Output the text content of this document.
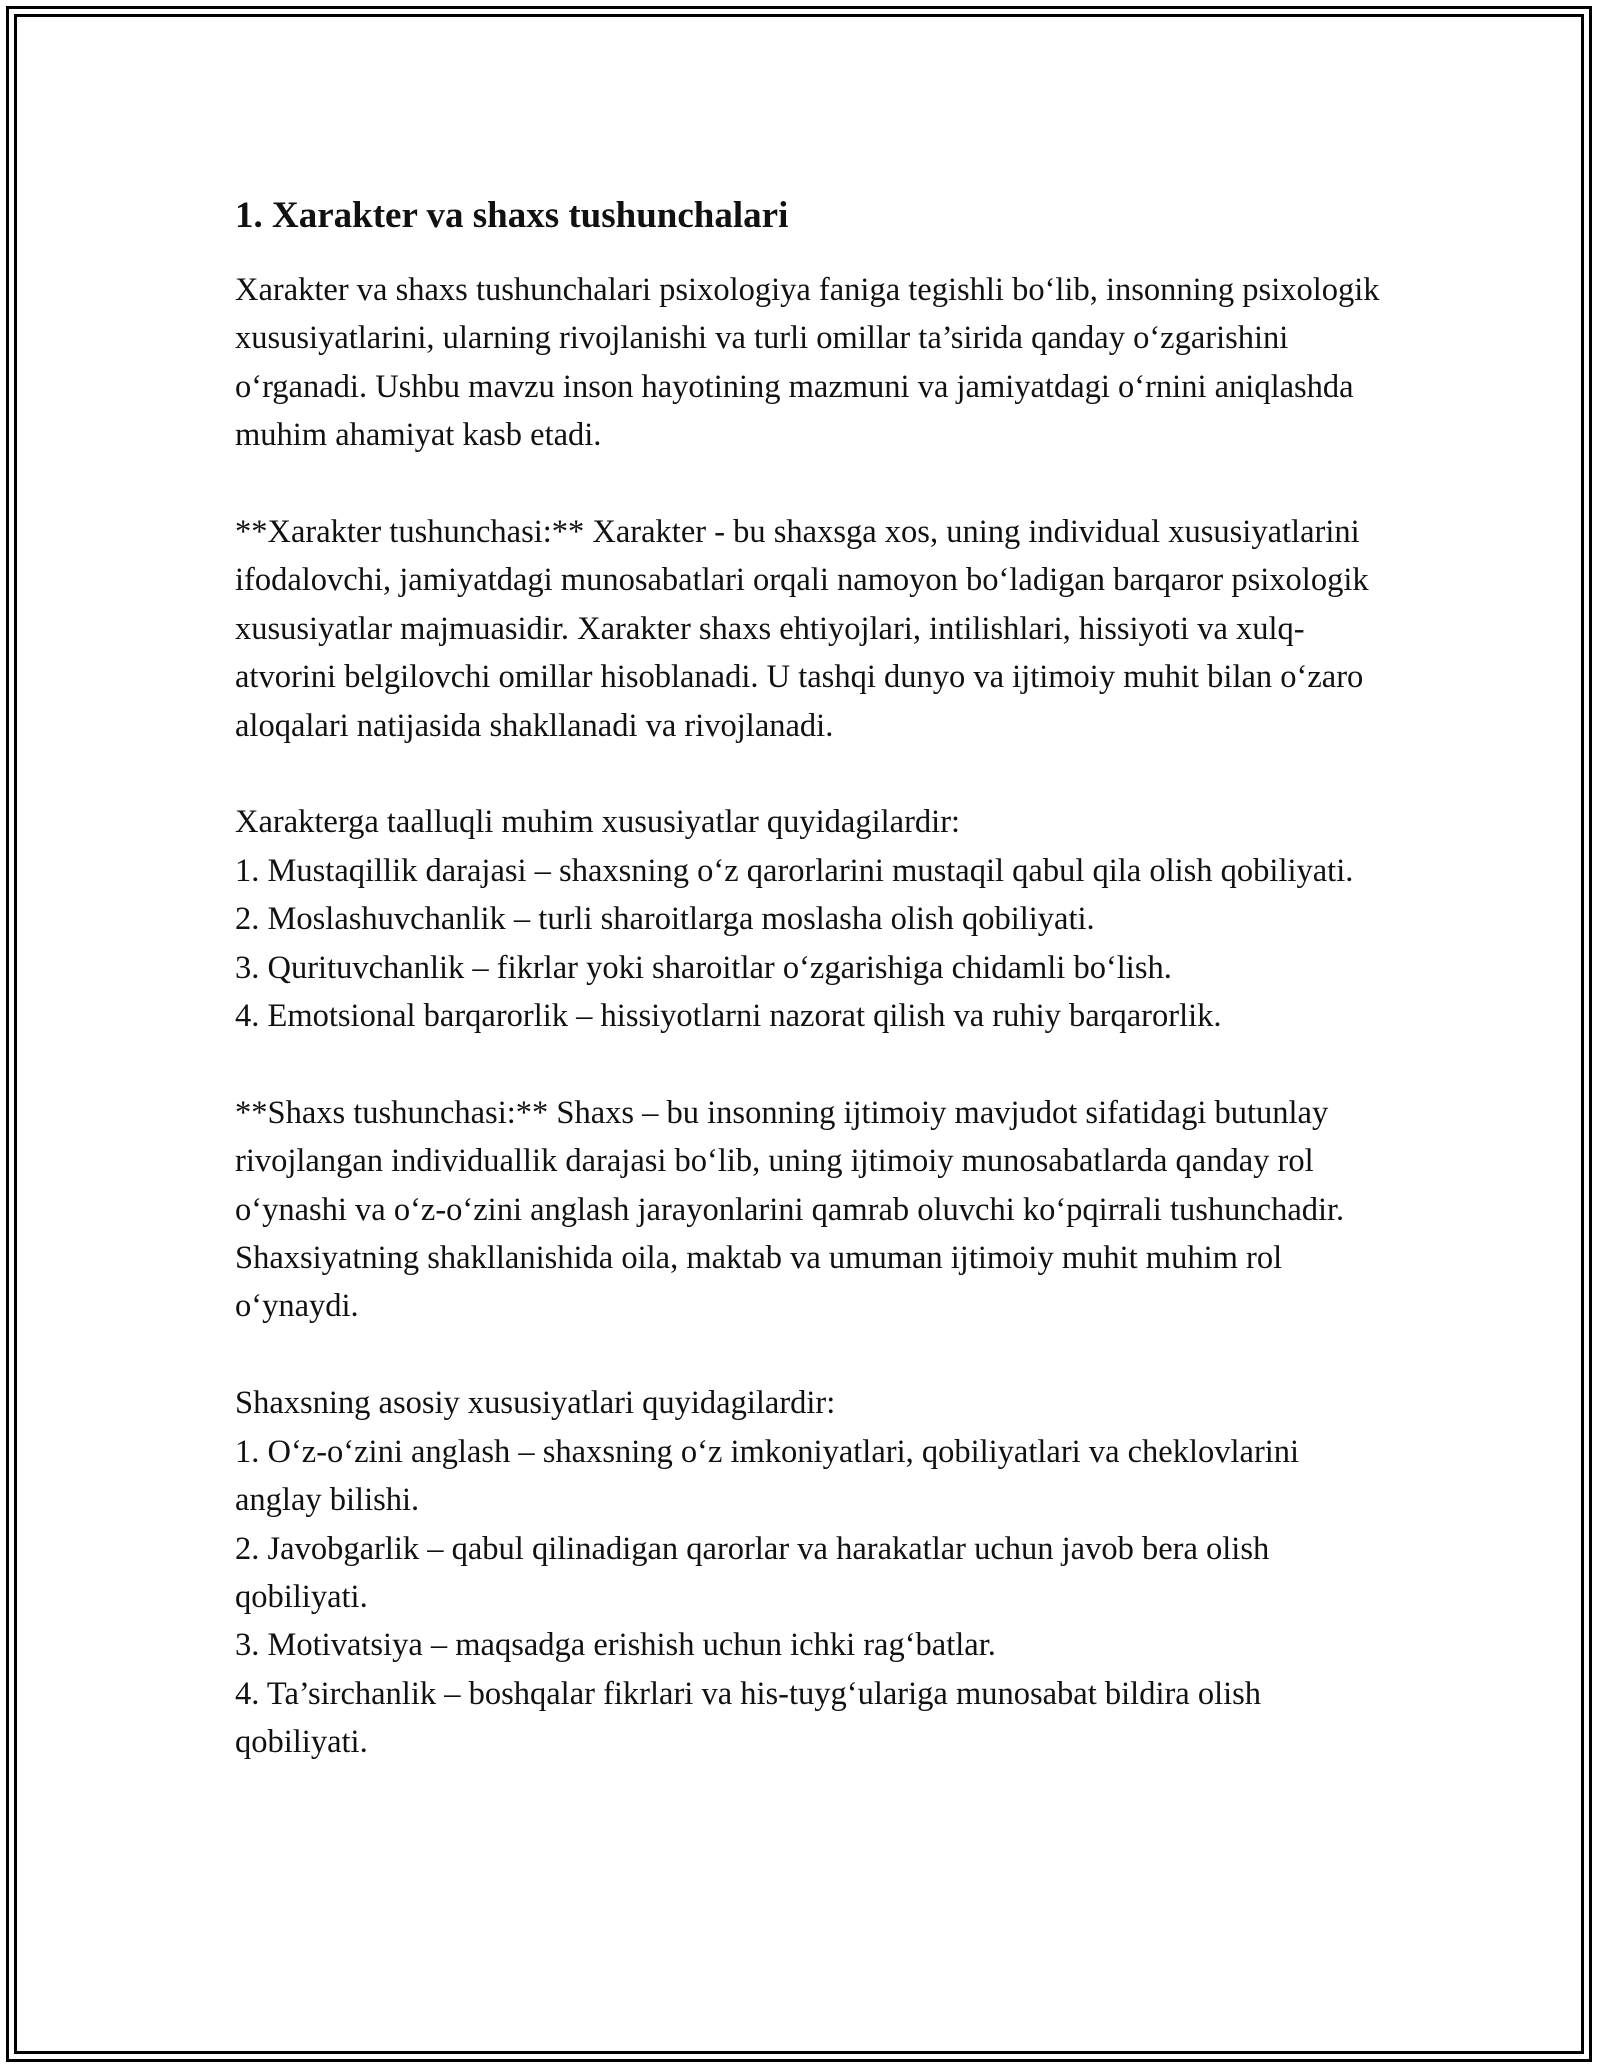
1. Xarakter va shaxs tushunchalari

Xarakter va shaxs tushunchalari psixologiya faniga tegishli bo‘lib, insonning psixologik xususiyatlarini, ularning rivojlanishi va turli omillar ta’sirida qanday o‘zgarishini o‘rganadi. Ushbu mavzu inson hayotining mazmuni va jamiyatdagi o‘rnini aniqlashda muhim ahamiyat kasb etadi.

**Xarakter tushunchasi:** Xarakter - bu shaxsga xos, uning individual xususiyatlarini ifodalovchi, jamiyatdagi munosabatlari orqali namoyon bo‘ladigan barqaror psixologik xususiyatlar majmuasidir. Xarakter shaxs ehtiyojlari, intilishlari, hissiyoti va xulq-atvorini belgilovchi omillar hisoblanadi. U tashqi dunyo va ijtimoiy muhit bilan o‘zaro aloqalari natijasida shakllanadi va rivojlanadi.

Xarakterga taalluqli muhim xususiyatlar quyidagilardir:

1. Mustaqillik darajasi – shaxsning o‘z qarorlarini mustaqil qabul qila olish qobiliyati.

2. Moslashuvchanlik – turli sharoitlarga moslasha olish qobiliyati.

3. Qurituvchanlik – fikrlar yoki sharoitlar o‘zgarishiga chidamli bo‘lish.

4. Emotsional barqarorlik – hissiyotlarni nazorat qilish va ruhiy barqarorlik.

**Shaxs tushunchasi:** Shaxs – bu insonning ijtimoiy mavjudot sifatidagi butunlay rivojlangan individuallik darajasi bo‘lib, uning ijtimoiy munosabatlarda qanday rol o‘ynashi va o‘z-o‘zini anglash jarayonlarini qamrab oluvchi ko‘pqirrali tushunchadir. Shaxsiyatning shakllanishida oila, maktab va umuman ijtimoiy muhit muhim rol o‘ynaydi.

Shaxsning asosiy xususiyatlari quyidagilardir:

1. O‘z-o‘zini anglash – shaxsning o‘z imkoniyatlari, qobiliyatlari va cheklovlarini anglay bilishi.

2. Javobgarlik – qabul qilinadigan qarorlar va harakatlar uchun javob bera olish qobiliyati.

3. Motivatsiya – maqsadga erishish uchun ichki rag‘batlar.

4. Ta’sirchanlik – boshqalar fikrlari va his-tuyg‘ulariga munosabat bildira olish qobiliyati.
